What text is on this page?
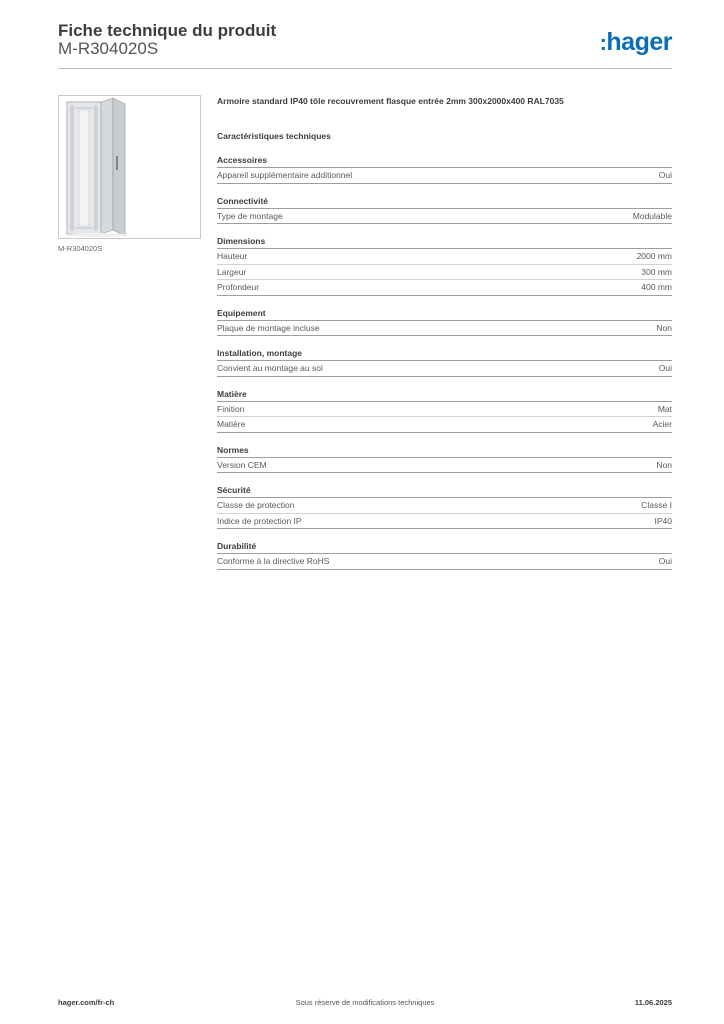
Fiche technique du produit
M-R304020S	:hager
M-R304020S
Armoire standard IP40 tôle recouvrement flasque entrée 2mm 300x2000x400 RAL7035
Caractéristiques techniques
Accessoires
Appareil supplémentaire additionnel	Oui
Connectivité
Type de montage	Modulable
Dimensions
Hauteur	2000 mm
Largeur	300 mm
Profondeur	400 mm
Equipement
Plaque de montage incluse	Non
Installation, montage
Convient au montage au sol	Oui
Matière
Finition	Mat
Matière	Acier
Normes
Version CEM	Non
Sécurité
Classe de protection	Classe I
Indice de protection IP	IP40
Durabilité
Conforme à la directive RoHS	Oui
hager.com/fr-ch	Sous réserve de modifications techniques	11.06.2025
